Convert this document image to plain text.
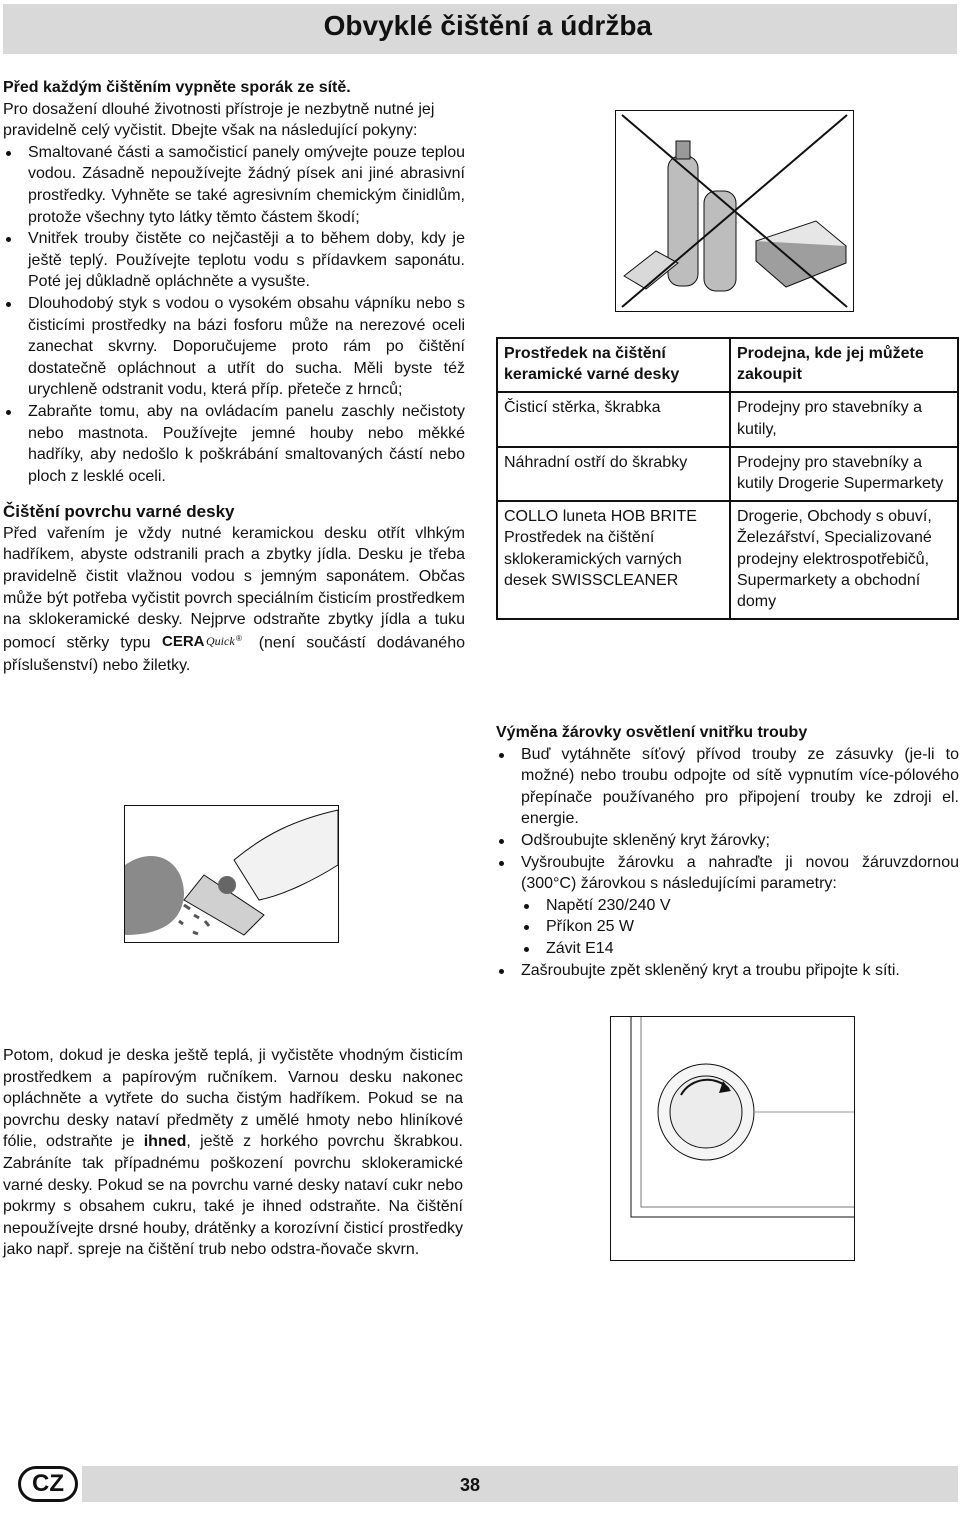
Obvyklé čištění a údržba

Před každým čištěním vypněte sporák ze sítě.

Pro dosažení dlouhé životnosti přístroje je nezbytně nutné jej pravidelně celý vyčistit. Dbejte však na následující pokyny:

Smaltované části a samočisticí panely omývejte pouze teplou vodou. Zásadně nepoužívejte žádný písek ani jiné abrasivní prostředky. Vyhněte se také agresivním chemickým činidlům, protože všechny tyto látky těmto částem škodí;
Vnitřek trouby čistěte co nejčastěji a to během doby, kdy je ještě teplý. Používejte teplotu vodu s přídavkem saponátu. Poté jej důkladně opláchněte a vysušte.
Dlouhodobý styk s vodou o vysokém obsahu vápníku nebo s čisticími prostředky na bázi fosforu může na nerezové oceli zanechat skvrny. Doporučujeme proto rám po čištění dostatečně opláchnout a utřít do sucha. Měli byste též urychleně odstranit vodu, která příp. přeteče z hrnců;
Zabraňte tomu, aby na ovládacím panelu zaschly nečistoty nebo mastnota. Používejte jemné houby nebo měkké hadříky, aby nedošlo k poškrábání smaltovaných částí nebo ploch z lesklé oceli.

Čištění povrchu varné desky

Před vařením je vždy nutné keramickou desku otřít vlhkým hadříkem, abyste odstranili prach a zbytky jídla. Desku je třeba pravidelně čistit vlažnou vodou s jemným saponátem. Občas může být potřeba vyčistit povrch speciálním čisticím prostředkem na sklokeramické desky. Nejprve odstraňte zbytky jídla a tuku pomocí stěrky typu CERA Quick ® (není součástí dodávaného příslušenství) nebo žiletky.

Potom, dokud je deska ještě teplá, ji vyčistěte vhodným čisticím prostředkem a papírovým ručníkem. Varnou desku nakonec opláchněte a vytřete do sucha čistým hadříkem. Pokud se na povrchu desky nataví předměty z umělé hmoty nebo hliníkové fólie, odstraňte je ihned, ještě z horkého povrchu škrabkou. Zabráníte tak případnému poškození povrchu sklokeramické varné desky. Pokud se na povrchu varné desky nataví cukr nebo pokrmy s obsahem cukru, také je ihned odstraňte. Na čištění nepoužívejte drsné houby, drátěnky a korozívní čisticí prostředky jako např. spreje na čištění trub nebo odstra-ňovače skvrn.

Prostředek na čištění keramické varné desky	Prodejna, kde jej můžete zakoupit
Čisticí stěrka, škrabka	Prodejny pro stavebníky a kutily,
Náhradní ostří do škrabky	Prodejny pro stavebníky a kutily Drogerie Supermarkety
COLLO luneta HOB BRITE Prostředek na čištění sklokeramických varných desek SWISSCLEANER	Drogerie, Obchody s obuví, Železářství, Specializované prodejny elektrospotřebičů, Supermarkety a obchodní domy

Výměna žárovky osvětlení vnitřku trouby

Buď vytáhněte síťový přívod trouby ze zásuvky (je-li to možné) nebo troubu odpojte od sítě vypnutím více-pólového přepínače používaného pro připojení trouby ke zdroji el. energie.
Odšroubujte skleněný kryt žárovky;
Vyšroubujte žárovku a nahraďte ji novou žáruvzdornou (300°C) žárovkou s následujícími parametry:
Napětí 230/240 V
Příkon 25 W
Závit E14
Zašroubujte zpět skleněný kryt a troubu připojte k síti.
CZ	38
